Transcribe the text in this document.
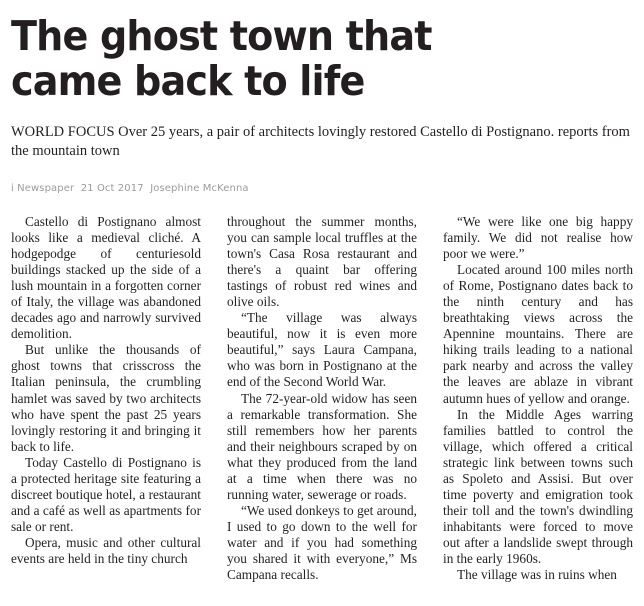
The ghost town that came back to life

WORLD FOCUS Over 25 years, a pair of architects lovingly restored Castello di Postignano. reports from the mountain town

i Newspaper 21 Oct 2017 Josephine McKenna

Castello di Postignano almost looks like a medieval cliché. A hodgepodge of centuriesold buildings stacked up the side of a lush mountain in a forgotten corner of Italy, the village was abandoned decades ago and narrowly survived demolition.

But unlike the thousands of ghost towns that crisscross the Italian peninsula, the crumbling hamlet was saved by two architects who have spent the past 25 years lovingly restoring it and bringing it back to life.

Today Castello di Postignano is a protected heritage site featuring a discreet boutique hotel, a restaurant and a café as well as apartments for sale or rent.

Opera, music and other cultural events are held in the tiny church

throughout the summer months, you can sample local truffles at the town's Casa Rosa restaurant and there's a quaint bar offering tastings of robust red wines and olive oils.

“The village was always beautiful, now it is even more beautiful,” says Laura Campana, who was born in Postignano at the end of the Second World War.

The 72-year-old widow has seen a remarkable transformation. She still remembers how her parents and their neighbours scraped by on what they produced from the land at a time when there was no running water, sewerage or roads.

“We used donkeys to get around, I used to go down to the well for water and if you had something you shared it with everyone,” Ms Campana recalls.

“We were like one big happy family. We did not realise how poor we were.”

Located around 100 miles north of Rome, Postignano dates back to the ninth century and has breathtaking views across the Apennine mountains. There are hiking trails leading to a national park nearby and across the valley the leaves are ablaze in vibrant autumn hues of yellow and orange.

In the Middle Ages warring families battled to control the village, which offered a critical strategic link between towns such as Spoleto and Assisi. But over time poverty and emigration took their toll and the town's dwindling inhabitants were forced to move out after a landslide swept through in the early 1960s.

The village was in ruins when
